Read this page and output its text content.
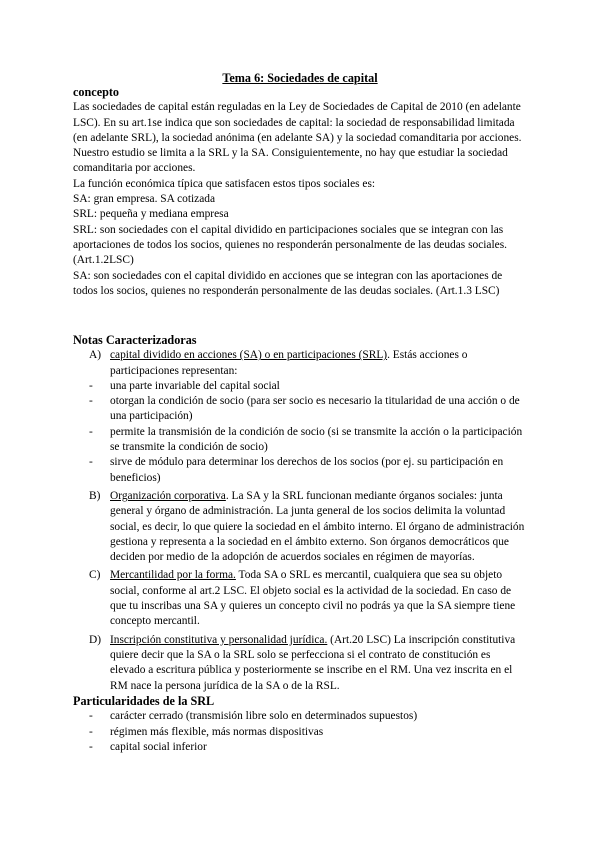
Tema 6: Sociedades de capital

concepto

Las sociedades de capital están reguladas en la Ley de Sociedades de Capital de 2010 (en adelante LSC). En su art.1se indica que son sociedades de capital: la sociedad de responsabilidad limitada (en adelante SRL), la sociedad anónima (en adelante SA) y la sociedad comanditaria por acciones.

Nuestro estudio se limita a la SRL y la SA. Consiguientemente, no hay que estudiar la sociedad comanditaria por acciones.

La función económica típica que satisfacen estos tipos sociales es:

SA: gran empresa. SA cotizada

SRL: pequeña y mediana empresa

SRL: son sociedades con el capital dividido en participaciones sociales que se integran con las aportaciones de todos los socios, quienes no responderán personalmente de las deudas sociales. (Art.1.2LSC)

SA: son sociedades con el capital dividido en acciones que se integran con las aportaciones de todos los socios, quienes no responderán personalmente de las deudas sociales. (Art.1.3 LSC)

Notas Caracterizadoras

A) capital dividido en acciones (SA) o en participaciones (SRL). Estás acciones o participaciones representan:

- una parte invariable del capital social

- otorgan la condición de socio (para ser socio es necesario la titularidad de una acción o de una participación)

- permite la transmisión de la condición de socio (si se transmite la acción o la participación se transmite la condición de socio)

- sirve de módulo para determinar los derechos de los socios (por ej. su participación en beneficios)

B) Organización corporativa. La SA y la SRL funcionan mediante órganos sociales: junta general y órgano de administración. La junta general de los socios delimita la voluntad social, es decir, lo que quiere la sociedad en el ámbito interno. El órgano de administración gestiona y representa a la sociedad en el ámbito externo. Son órganos democráticos que deciden por medio de la adopción de acuerdos sociales en régimen de mayorías.

C) Mercantilidad por la forma. Toda SA o SRL es mercantil, cualquiera que sea su objeto social, conforme al art.2 LSC. El objeto social es la actividad de la sociedad. En caso de que tu inscribas una SA y quieres un concepto civil no podrás ya que la SA siempre tiene concepto mercantil.

D) Inscripción constitutiva y personalidad jurídica. (Art.20 LSC) La inscripción constitutiva quiere decir que la SA o la SRL solo se perfecciona si el contrato de constitución es elevado a escritura pública y posteriormente se inscribe en el RM. Una vez inscrita en el RM nace la persona jurídica de la SA o de la RSL.

Particularidades de la SRL

- carácter cerrado (transmisión libre solo en determinados supuestos)

- régimen más flexible, más normas dispositivas

- capital social inferior
